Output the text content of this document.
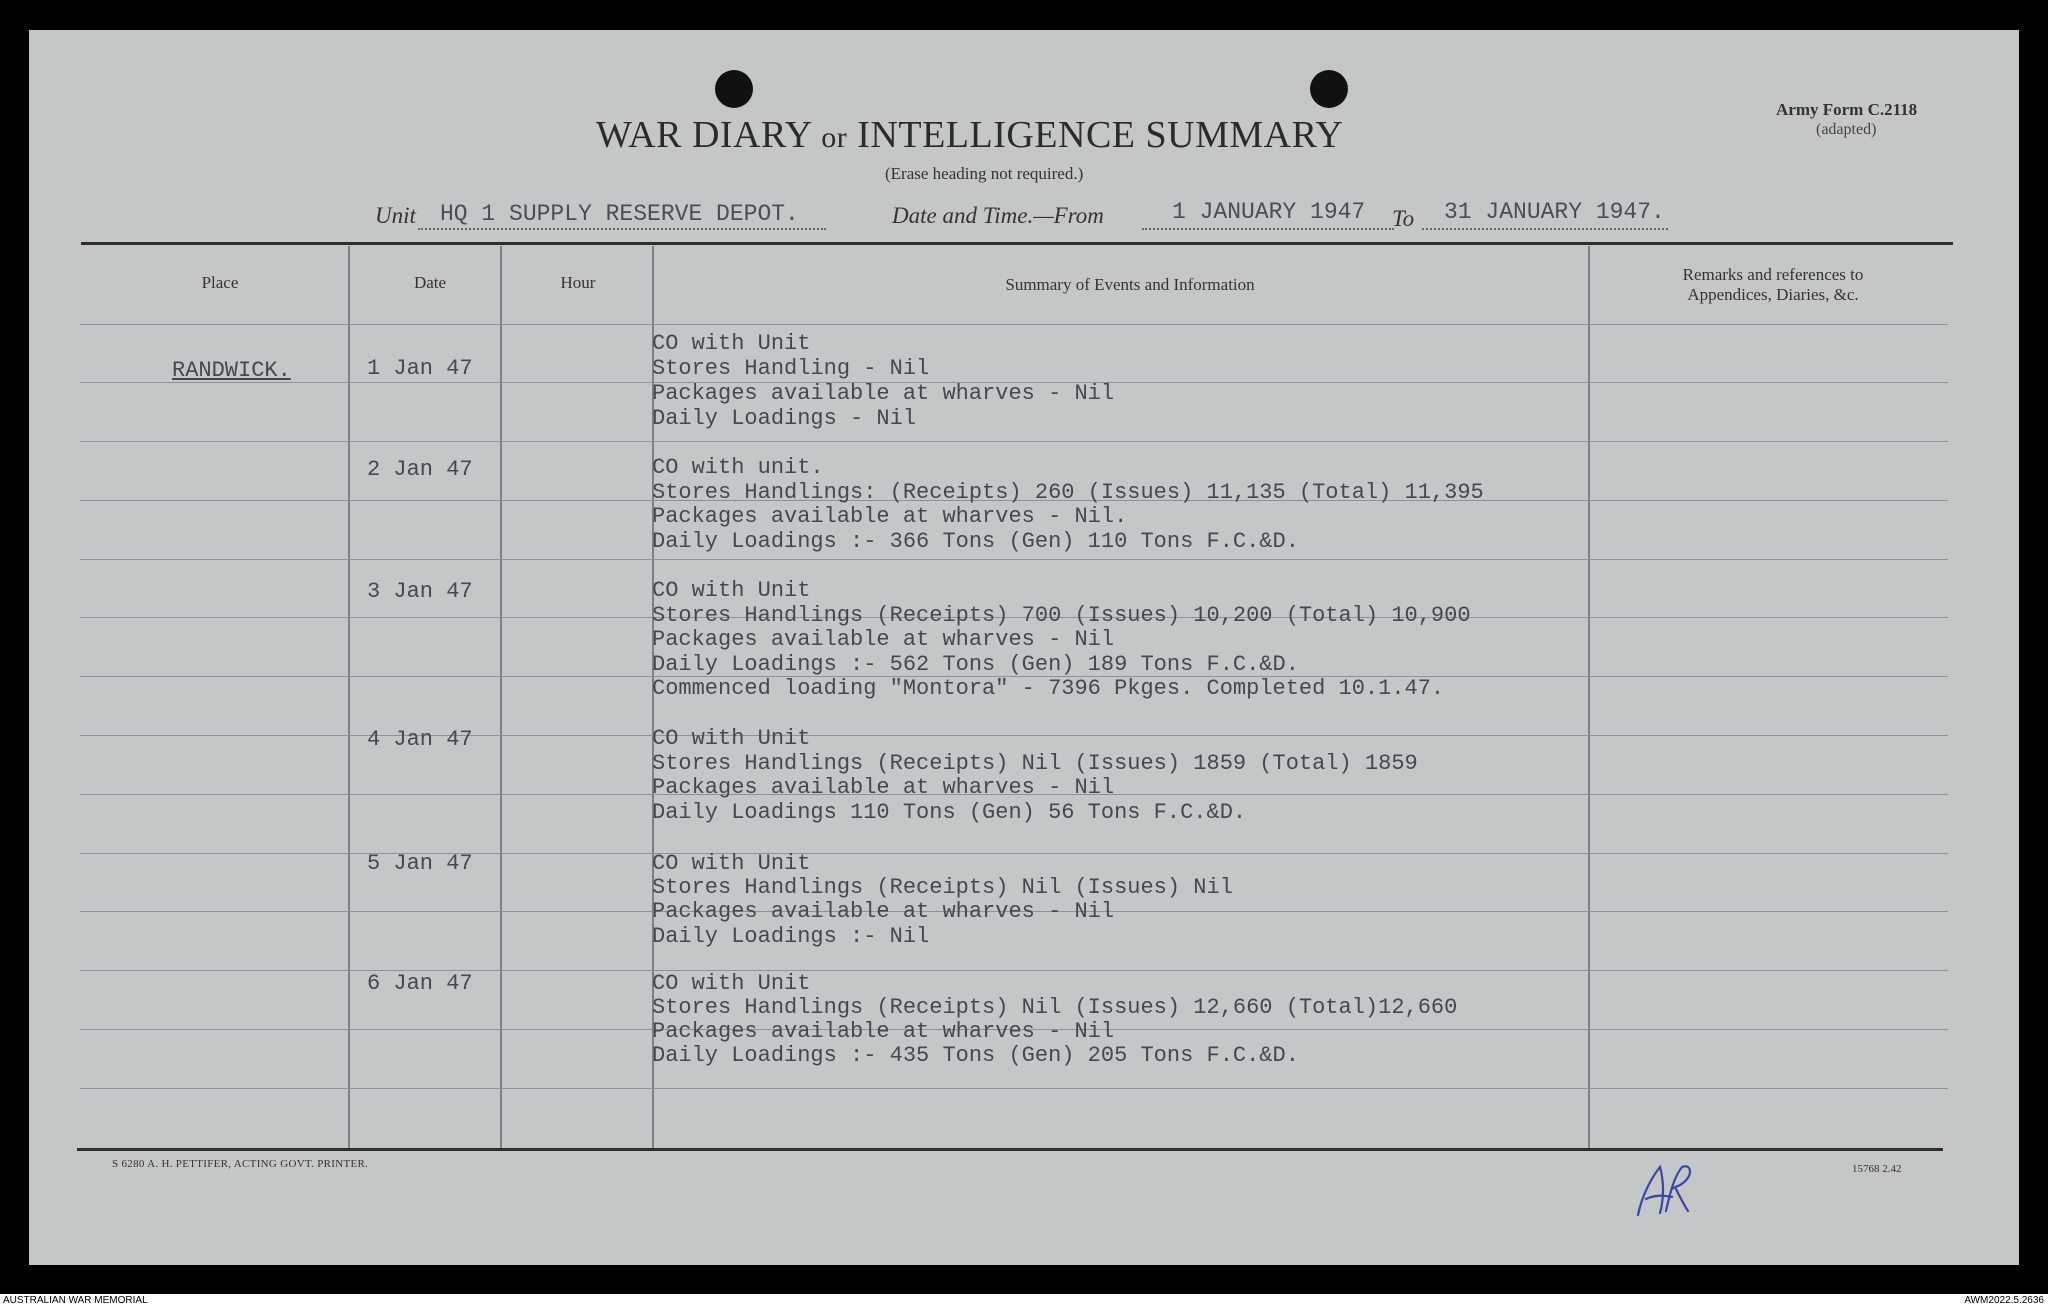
WAR DIARY or INTELLIGENCE SUMMARY
(Erase heading not required.)
Army Form C.2118
(adapted)
Unit HQ 1 SUPPLY RESERVE DEPOT.	Date and Time.—From	1 JANUARY 1947 To 31 JANUARY 1947.
Place	Date	Hour	Summary of Events and Information
Remarks and references to
Appendices, Diaries, &c.
RANDWICK.	1 Jan 47
CO with Unit
Stores Handling - Nil
Packages available at wharves - Nil
Daily Loadings - Nil
2 Jan 47	CO with unit.
Stores Handlings: (Receipts) 260 (Issues) 11,135 (Total) 11,395
Packages available at wharves - Nil.
Daily Loadings :- 366 Tons (Gen) 110 Tons F.C.&D.
3 Jan 47	CO with Unit
Stores Handlings (Receipts) 700 (Issues) 10,200 (Total) 10,900
Packages available at wharves - Nil
Daily Loadings :- 562 Tons (Gen) 189 Tons F.C.&D.
Commenced loading "Montora" - 7396 Pkges. Completed 10.1.47.
4 Jan 47	CO with Unit
Stores Handlings (Receipts) Nil (Issues) 1859 (Total) 1859
Packages available at wharves - Nil
Daily Loadings 110 Tons (Gen) 56 Tons F.C.&D.
5 Jan 47	CO with Unit
Stores Handlings (Receipts) Nil (Issues) Nil
Packages available at wharves - Nil
Daily Loadings :- Nil
6 Jan 47	CO with Unit
Stores Handlings (Receipts) Nil (Issues) 12,660 (Total)12,660
Packages available at wharves - Nil
Daily Loadings :- 435 Tons (Gen) 205 Tons F.C.&D.
S 6280 A. H. PETTIFER, ACTING GOVT. PRINTER.	15768 2.42
AUSTRALIAN WAR MEMORIAL	AWM2022.5.2636
